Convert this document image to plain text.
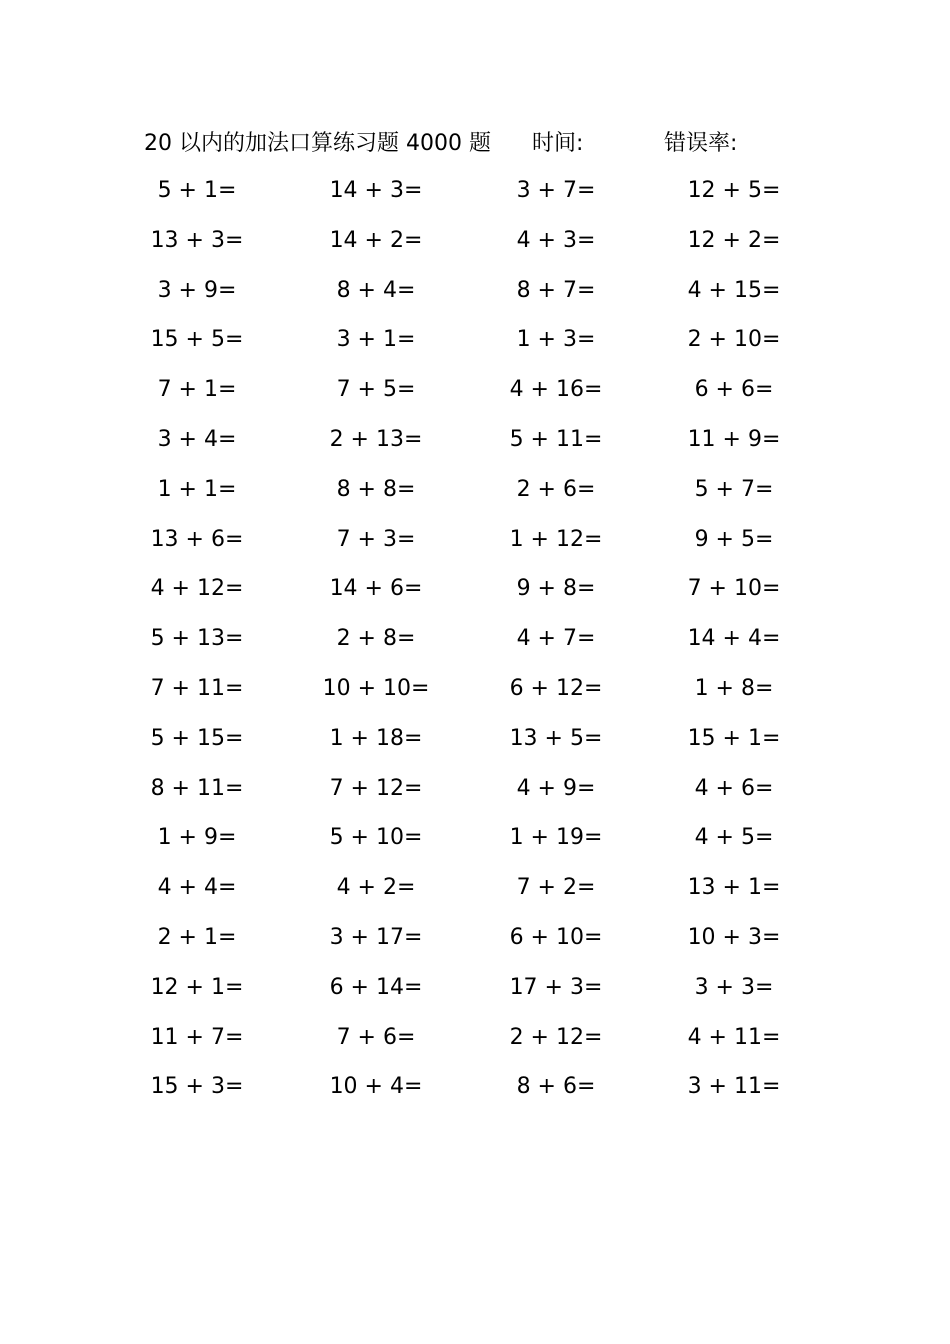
20 以内的加法口算练习题 4000 题 时间:	错误率:
5 + 1=	14 + 3=	3 + 7=	12 + 5=
13 + 3=	14 + 2=	4 + 3=	12 + 2=
3 + 9=	8 + 4=	8 + 7=	4 + 15=
15 + 5=	3 + 1=	1 + 3=	2 + 10=
7 + 1=	7 + 5=	4 + 16=	6 + 6=
3 + 4=	2 + 13=	5 + 11=	11 + 9=
1 + 1=	8 + 8=	2 + 6=	5 + 7=
13 + 6=	7 + 3=	1 + 12=	9 + 5=
4 + 12=	14 + 6=	9 + 8=	7 + 10=
5 + 13=	2 + 8=	4 + 7=	14 + 4=
7 + 11=	10 + 10=	6 + 12=	1 + 8=
5 + 15=	1 + 18=	13 + 5=	15 + 1=
8 + 11=	7 + 12=	4 + 9=	4 + 6=
1 + 9=	5 + 10=	1 + 19=	4 + 5=
4 + 4=	4 + 2=	7 + 2=	13 + 1=
2 + 1=	3 + 17=	6 + 10=	10 + 3=
12 + 1=	6 + 14=	17 + 3=	3 + 3=
11 + 7=	7 + 6=	2 + 12=	4 + 11=
15 + 3=	10 + 4=	8 + 6=	3 + 11=
